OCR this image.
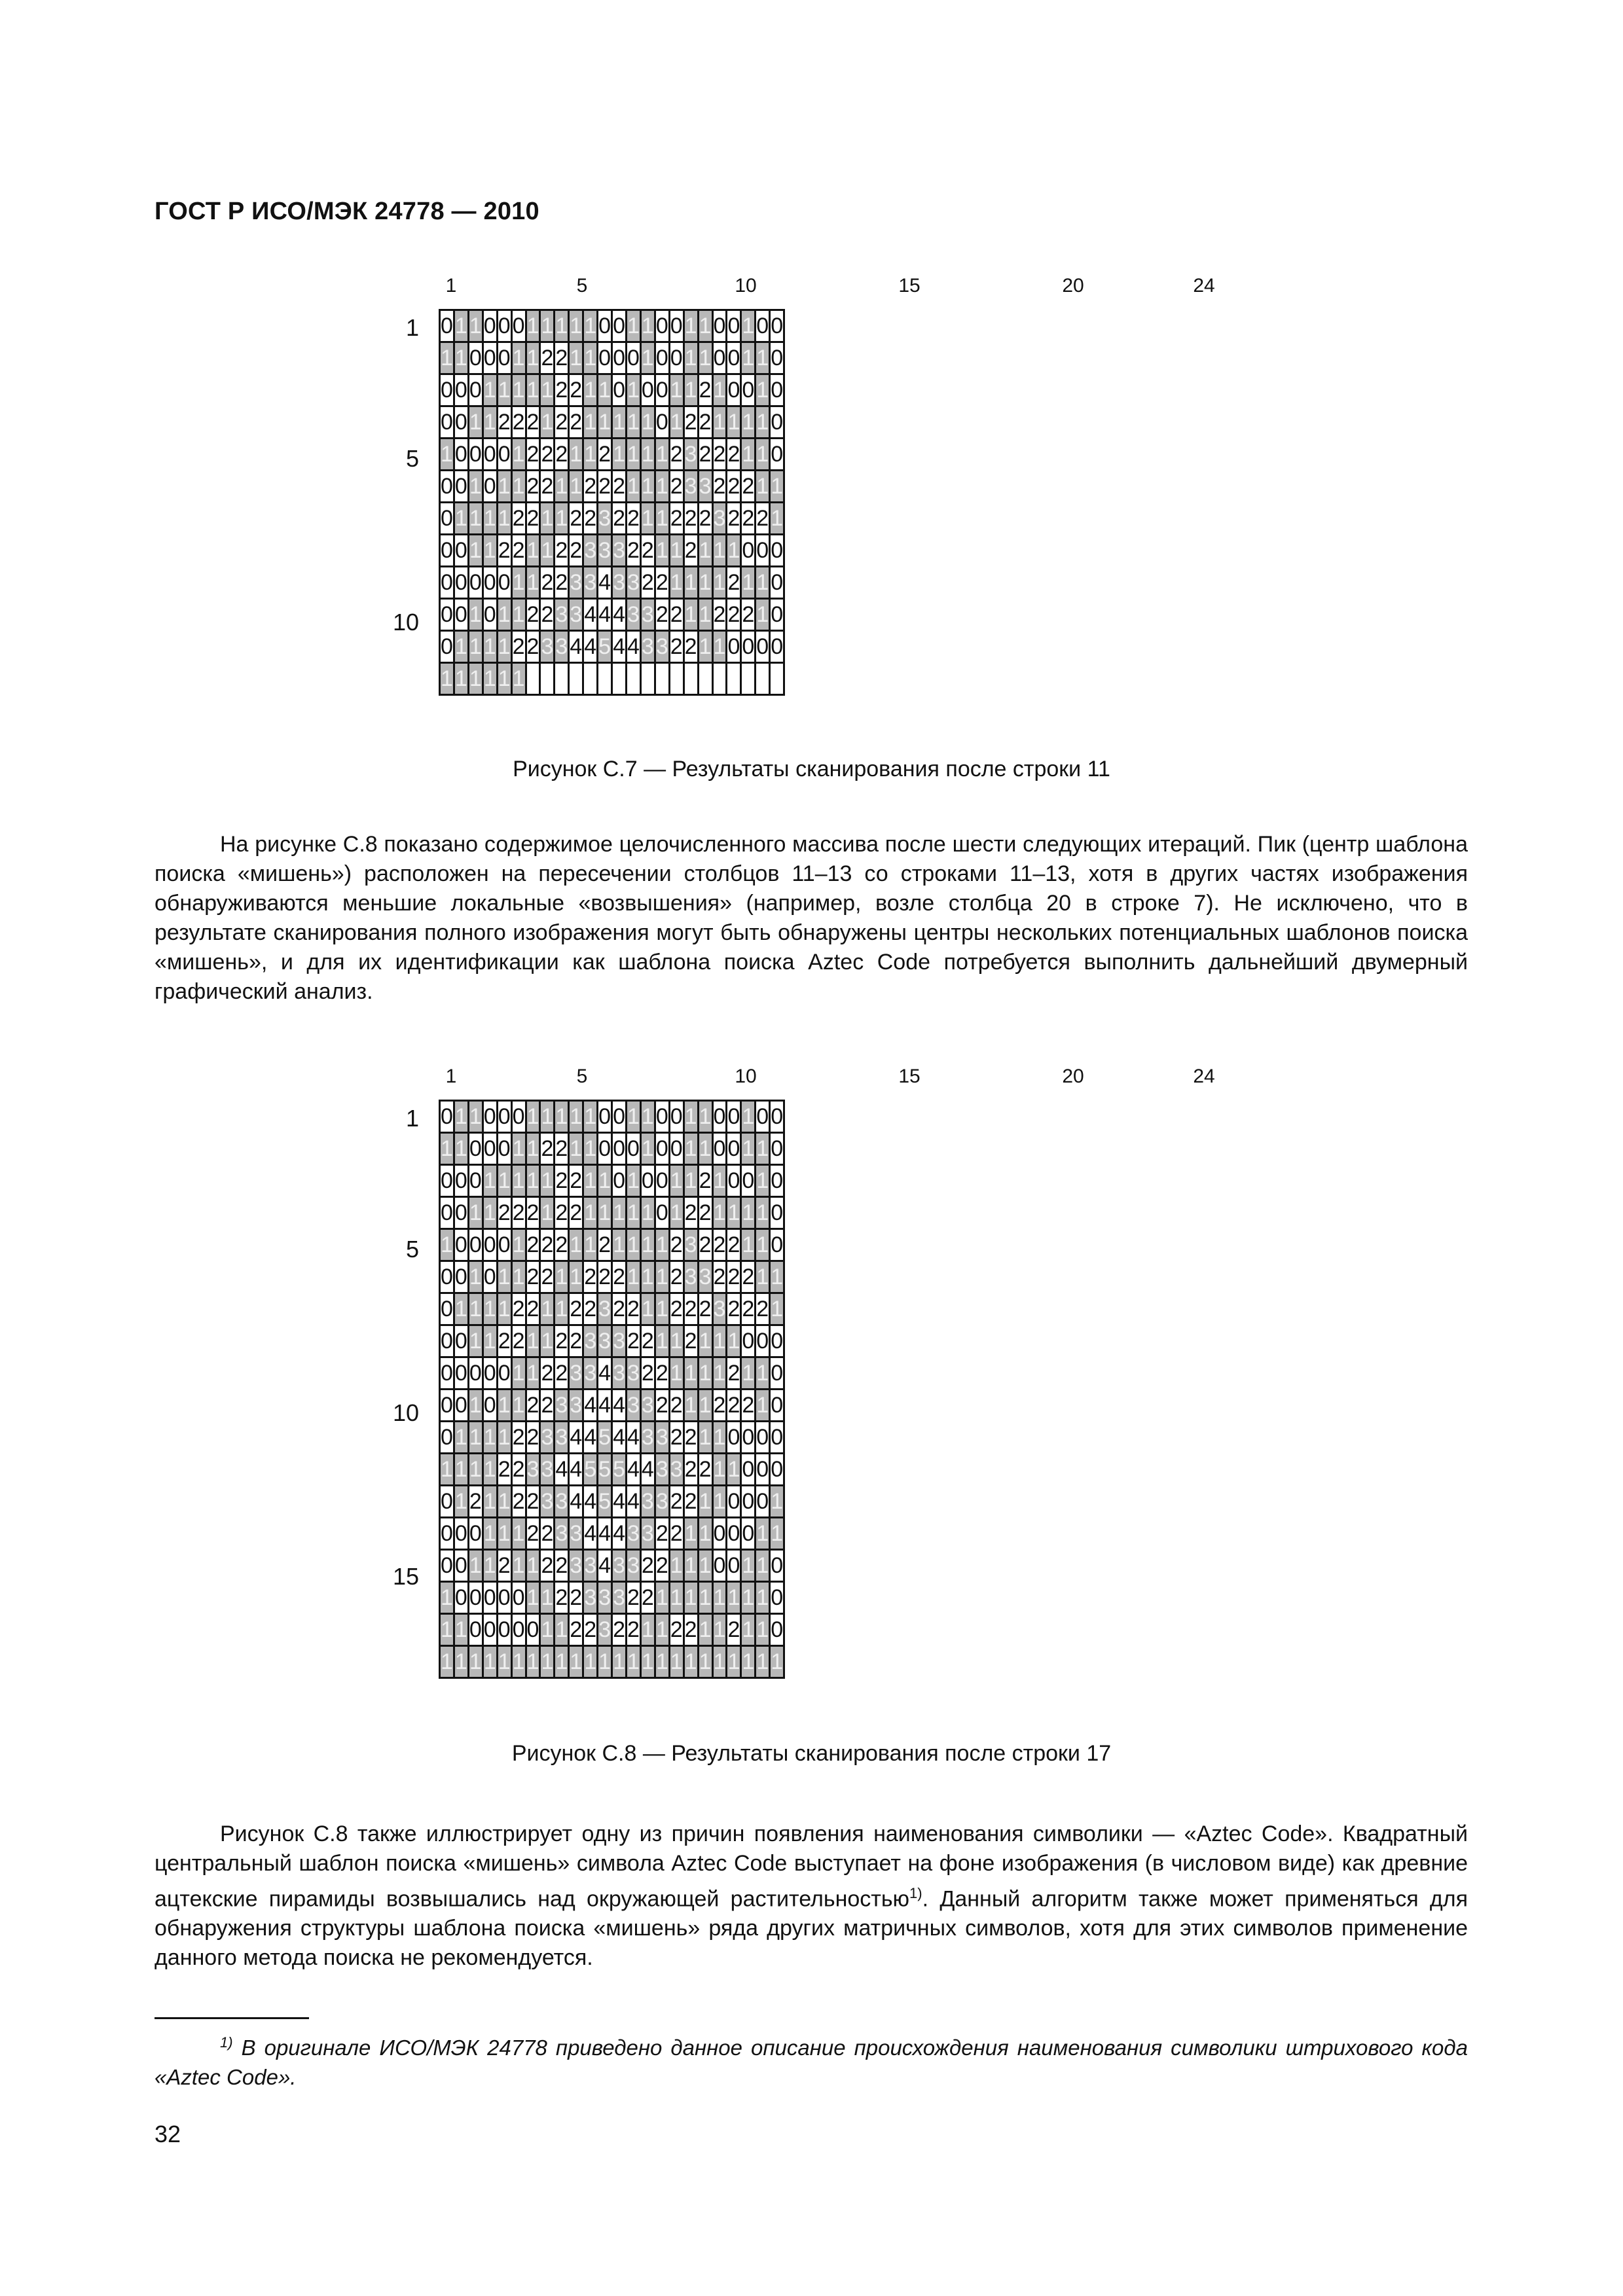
ГОСТ Р ИСО/МЭК 24778 — 2010
1	5	10	15	20	24
1
5
10
0	1	1	0	0	0	1	1	1	1	1	0	0	1	1	0	0	1	1	0	0	1	0	0
1	1	0	0	0	1	1	2	2	1	1	0	0	0	1	0	0	1	1	0	0	1	1	0
0	0	0	1	1	1	1	1	2	2	1	1	0	1	0	0	1	1	2	1	0	0	1	0
0	0	1	1	2	2	2	1	2	2	1	1	1	1	1	0	1	2	2	1	1	1	1	0
1	0	0	0	0	1	2	2	2	1	1	2	1	1	1	1	2	3	2	2	2	1	1	0
0	0	1	0	1	1	2	2	1	1	2	2	2	1	1	1	2	3	3	2	2	2	1	1
0	1	1	1	1	2	2	1	1	2	2	3	2	2	1	1	2	2	2	3	2	2	2	1
0	0	1	1	2	2	1	1	2	2	3	3	3	2	2	1	1	2	1	1	1	0	0	0
0	0	0	0	0	1	1	2	2	3	3	4	3	3	2	2	1	1	1	1	2	1	1	0
0	0	1	0	1	1	2	2	3	3	4	4	4	3	3	2	2	1	1	2	2	2	1	0
0	1	1	1	1	2	2	3	3	4	4	5	4	4	3	3	2	2	1	1	0	0	0	0
1	1	1	1	1	1																		
Рисунок С.7 — Результаты сканирования после строки 11

На рисунке С.8 показано содержимое целочисленного массива после шести следующих итераций. Пик (центр шаблона поиска «мишень») расположен на пересечении столбцов 11–13 со строками 11–13, хотя в других частях изображения обнаруживаются меньшие локальные «возвышения» (например, возле столбца 20 в строке 7). Не исключено, что в результате сканирования полного изображения могут быть обнаружены центры нескольких потенциальных шаблонов поиска «мишень», и для их идентификации как шаблона поиска Aztec Code потребуется выполнить дальнейший двумерный графический анализ.

1	5	10	15	20	24
1
5
10
15
0	1	1	0	0	0	1	1	1	1	1	0	0	1	1	0	0	1	1	0	0	1	0	0
1	1	0	0	0	1	1	2	2	1	1	0	0	0	1	0	0	1	1	0	0	1	1	0
0	0	0	1	1	1	1	1	2	2	1	1	0	1	0	0	1	1	2	1	0	0	1	0
0	0	1	1	2	2	2	1	2	2	1	1	1	1	1	0	1	2	2	1	1	1	1	0
1	0	0	0	0	1	2	2	2	1	1	2	1	1	1	1	2	3	2	2	2	1	1	0
0	0	1	0	1	1	2	2	1	1	2	2	2	1	1	1	2	3	3	2	2	2	1	1
0	1	1	1	1	2	2	1	1	2	2	3	2	2	1	1	2	2	2	3	2	2	2	1
0	0	1	1	2	2	1	1	2	2	3	3	3	2	2	1	1	2	1	1	1	0	0	0
0	0	0	0	0	1	1	2	2	3	3	4	3	3	2	2	1	1	1	1	2	1	1	0
0	0	1	0	1	1	2	2	3	3	4	4	4	3	3	2	2	1	1	2	2	2	1	0
0	1	1	1	1	2	2	3	3	4	4	5	4	4	3	3	2	2	1	1	0	0	0	0
1	1	1	1	2	2	3	3	4	4	5	5	5	4	4	3	3	2	2	1	1	0	0	0
0	1	2	1	1	2	2	3	3	4	4	5	4	4	3	3	2	2	1	1	0	0	0	1
0	0	0	1	1	1	2	2	3	3	4	4	4	3	3	2	2	1	1	0	0	0	1	1
0	0	1	1	2	1	1	2	2	3	3	4	3	3	2	2	1	1	1	0	0	1	1	0
1	0	0	0	0	0	1	1	2	2	3	3	3	2	2	1	1	1	1	1	1	1	1	0
1	1	0	0	0	0	0	1	1	2	2	3	2	2	1	1	2	2	1	1	2	1	1	0
1	1	1	1	1	1	1	1	1	1	1	1	1	1	1	1	1	1	1	1	1	1	1	1
Рисунок С.8 — Результаты сканирования после строки 17

Рисунок С.8 также иллюстрирует одну из причин появления наименования символики — «Aztec Code». Квадратный центральный шаблон поиска «мишень» символа Aztec Code выступает на фоне изображения (в числовом виде) как древние ацтекские пирамиды возвышались над окружающей растительностью$^{1)}$. Данный алгоритм также может применяться для обнаружения структуры шаблона поиска «мишень» ряда других матричных символов, хотя для этих символов применение данного метода поиска не рекомендуется.

$^{1)}$ В оригинале ИСО/МЭК 24778 приведено данное описание происхождения наименования символики штрихового кода «Aztec Code».
32
